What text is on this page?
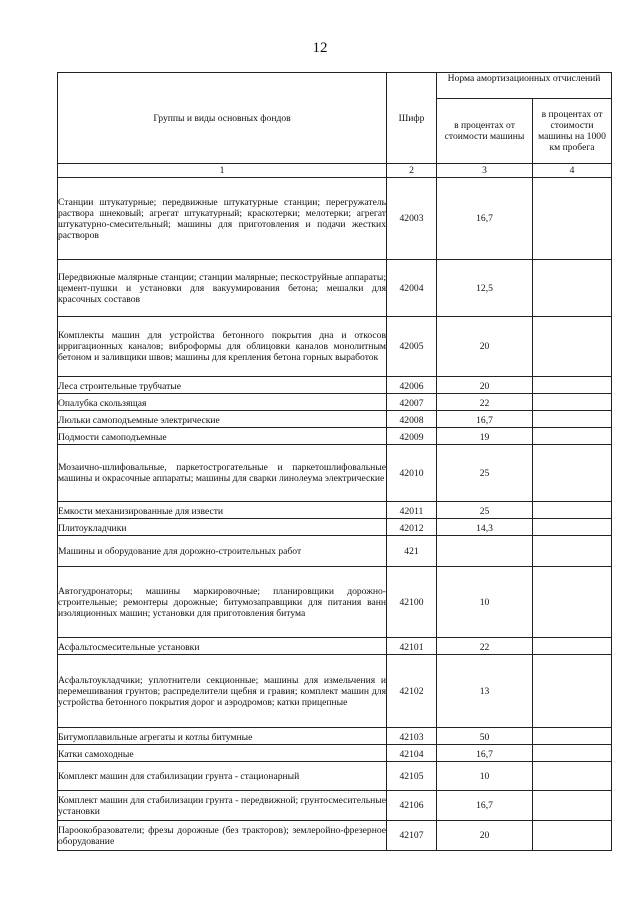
12
Группы и виды основных фондов	Шифр	Норма амортизационных отчислений	
		в процентах от стоимости машины	в процентах от стоимости машины на 1000 км пробега
1	2	3	4
Станции штукатурные; передвижные штукатурные станции; перегружатель раствора шнековый; агрегат штукатурный; краскотерки; мелотерки; агрегат штукатурно-смесительный; машины для приготовления и подачи жестких растворов	42003	16,7	
Передвижные малярные станции; станции малярные; пескоструйные аппараты; цемент-пушки и установки для вакуумирования бетона; мешалки для красочных составов	42004	12,5	
Комплекты машин для устройства бетонного покрытия дна и откосов ирригационных каналов; виброформы для облицовки каналов монолитным бетоном и заливщики швов; машины для крепления бетона горных выработок	42005	20	
Леса строительные трубчатые	42006	20	
Опалубка скользящая	42007	22	
Люльки самоподъемные электрические	42008	16,7	
Подмости самоподъемные	42009	19	
Мозаично-шлифовальные, паркетострогательные и паркетошлифовальные машины и окрасочные аппараты; машины для сварки линолеума электрические	42010	25	
Емкости механизированные для извести	42011	25	
Плитоукладчики	42012	14,3	
Машины и оборудование для дорожно-строительных работ	421		
Автогудронаторы; машины маркировочные; планировщики дорожно-строительные; ремонтеры дорожные; битумозаправщики для питания ванн изоляционных машин; установки для приготовления битума	42100	10	
Асфальтосмесительные установки	42101	22	
Асфальтоукладчики; уплотнители секционные; машины для измельчения и перемешивания грунтов; распределители щебня и гравия; комплект машин для устройства бетонного покрытия дорог и аэродромов; катки прицепные	42102	13	
Битумоплавильные агрегаты и котлы битумные	42103	50	
Катки самоходные	42104	16,7	
Комплект машин для стабилизации грунта - стационарный	42105	10	
Комплект машин для стабилизации грунта - передвижной; грунтосмесительные установки	42106	16,7	
Пароокобразователи; фрезы дорожные (без тракторов); землеройно-фрезерное оборудование	42107	20	
